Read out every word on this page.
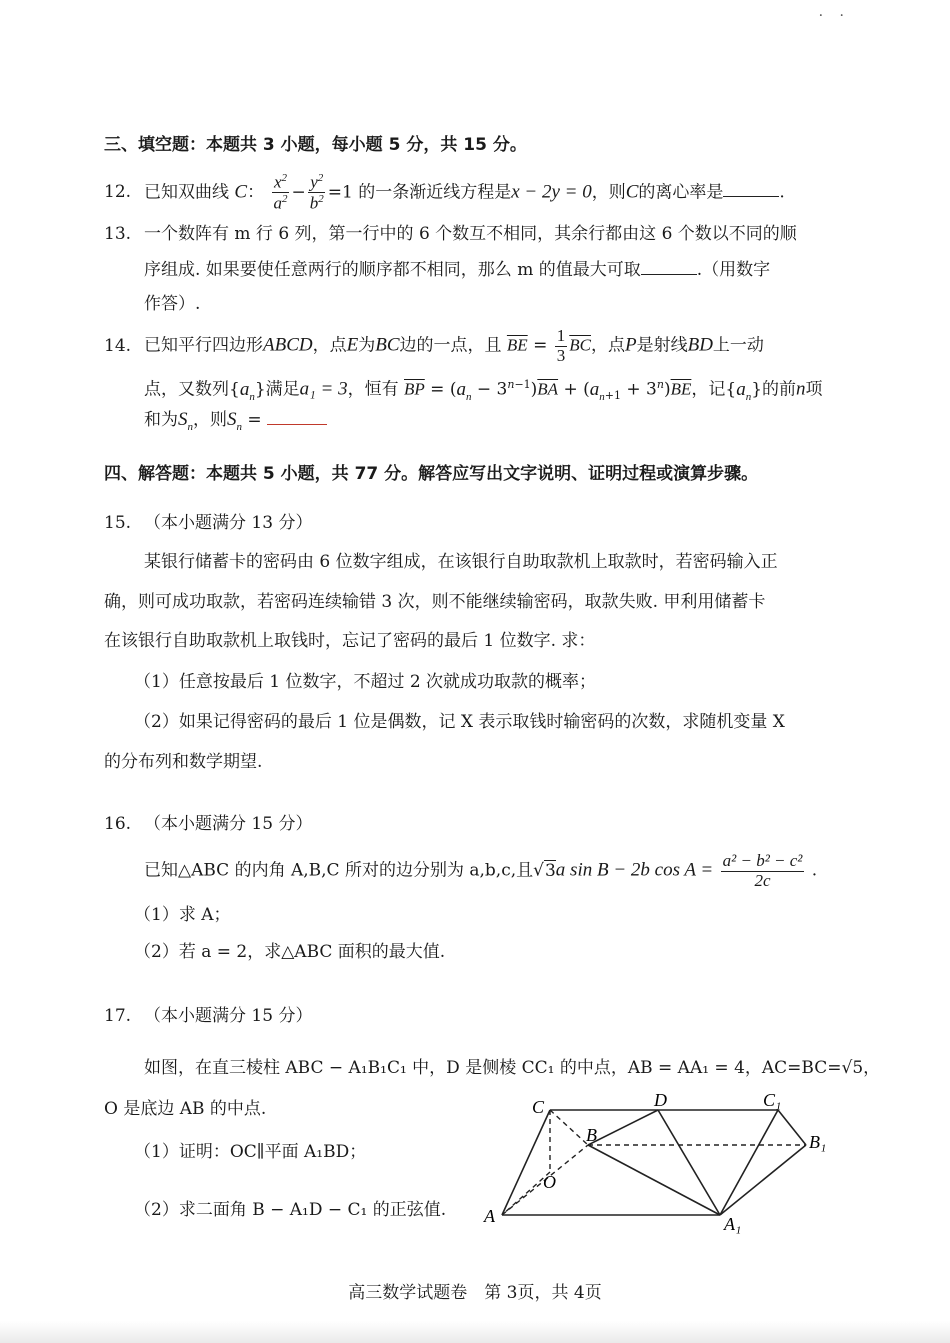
· ·
三、填空题：本题共 3 小题，每小题 5 分，共 15 分。
12. 已知双曲线 C： $\frac{x^2}{a^2} - \frac{y^2}{b^2} =1$ 的一条渐近线方程是x − 2y = 0，则C的离心率是	.
13. 一个数阵有 m 行 6 列，第一行中的 6 个数互不相同，其余行都由这 6 个数以不同的顺
序组成. 如果要使任意两行的顺序都不相同，那么 m 的值最大可取	.（用数字
作答）.
14. 已知平行四边形ABCD，点E为BC边的一点，且 $\overline{BE} = \frac{1}{3} \overline{BC}$，点P是射线BD上一动
点，又数列$\{a_n\}$满足a₁ = 3，恒有 $\overline{BP} = (a_n - 3^{n-1})\overline{BA} + (a_{n+1} + 3^n)\overline{BE}$，记$\{a_n\}$的前n项
和为$S_n$，则$S_n$ =
四、解答题：本题共 5 小题，共 77 分。解答应写出文字说明、证明过程或演算步骤。
15. （本小题满分 13 分）
某银行储蓄卡的密码由 6 位数字组成，在该银行自助取款机上取款时，若密码输入正
确，则可成功取款，若密码连续输错 3 次，则不能继续输密码，取款失败. 甲利用储蓄卡
在该银行自助取款机上取钱时，忘记了密码的最后 1 位数字. 求：
（1）任意按最后 1 位数字，不超过 2 次就成功取款的概率；
（2）如果记得密码的最后 1 位是偶数，记 X 表示取钱时输密码的次数，求随机变量 X
的分布列和数学期望.
16. （本小题满分 15 分）
已知△ABC 的内角 A,B,C 所对的边分别为 a,b,c,且√3a sin B − 2b $\cos A = \frac{\text{a² − b² − c²}}{2c}$ .
（1）求 A；
（2）若 a = 2，求△ABC 面积的最大值.
17. （本小题满分 15 分）
如图，在直三棱柱 ABC − A₁B₁C₁ 中，D 是侧棱 CC₁ 的中点，AB = AA₁ = 4，AC=BC=√5，
O 是底边 AB 的中点.
（1）证明：OC∥平面 A₁BD；
（2）求二面角 B − A₁D − C₁ 的正弦值.
C	D	C₁
B	B₁
O
A	A₁
高三数学试题卷　第 3页，共 4页
